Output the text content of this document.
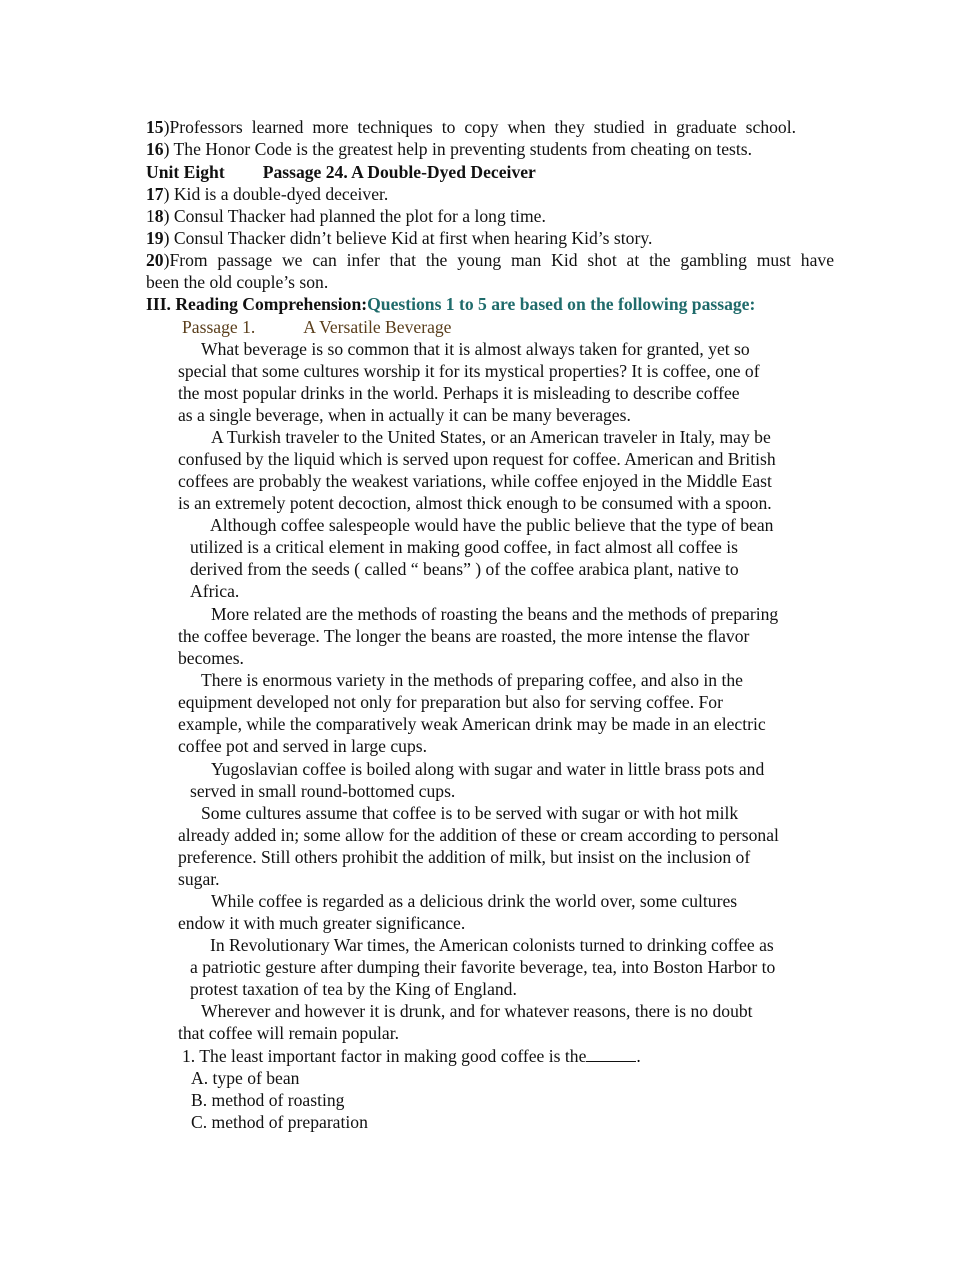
15)Professors learned more techniques to copy when they studied in graduate school.
16) The Honor Code is the greatest help in preventing students from cheating on tests.
Unit Eight Passage 24. A Double-Dyed Deceiver
17) Kid is a double-dyed deceiver.
18) Consul Thacker had planned the plot for a long time.
19) Consul Thacker didn’t believe Kid at first when hearing Kid’s story.
20)From passage we can infer that the young man Kid shot at the gambling must have
been the old couple’s son.
III. Reading Comprehension:Questions 1 to 5 are based on the following passage:
Passage 1.	A Versatile Beverage
What beverage is so common that it is almost always taken for granted, yet so
special that some cultures worship it for its mystical properties? It is coffee, one of
the most popular drinks in the world. Perhaps it is misleading to describe coffee
as a single beverage, when in actually it can be many beverages.
A Turkish traveler to the United States, or an American traveler in Italy, may be
confused by the liquid which is served upon request for coffee. American and British
coffees are probably the weakest variations, while coffee enjoyed in the Middle East
is an extremely potent decoction, almost thick enough to be consumed with a spoon.
Although coffee salespeople would have the public believe that the type of bean
utilized is a critical element in making good coffee, in fact almost all coffee is
derived from the seeds ( called “ beans” ) of the coffee arabica plant, native to
Africa.
More related are the methods of roasting the beans and the methods of preparing
the coffee beverage. The longer the beans are roasted, the more intense the flavor
becomes.
There is enormous variety in the methods of preparing coffee, and also in the
equipment developed not only for preparation but also for serving coffee. For
example, while the comparatively weak American drink may be made in an electric
coffee pot and served in large cups.
Yugoslavian coffee is boiled along with sugar and water in little brass pots and
served in small round-bottomed cups.
Some cultures assume that coffee is to be served with sugar or with hot milk
already added in; some allow for the addition of these or cream according to personal
preference. Still others prohibit the addition of milk, but insist on the inclusion of
sugar.
While coffee is regarded as a delicious drink the world over, some cultures
endow it with much greater significance.
In Revolutionary War times, the American colonists turned to drinking coffee as
a patriotic gesture after dumping their favorite beverage, tea, into Boston Harbor to
protest taxation of tea by the King of England.
Wherever and however it is drunk, and for whatever reasons, there is no doubt
that coffee will remain popular.
1. The least important factor in making good coffee is the	.
A. type of bean
B. method of roasting
C. method of preparation
